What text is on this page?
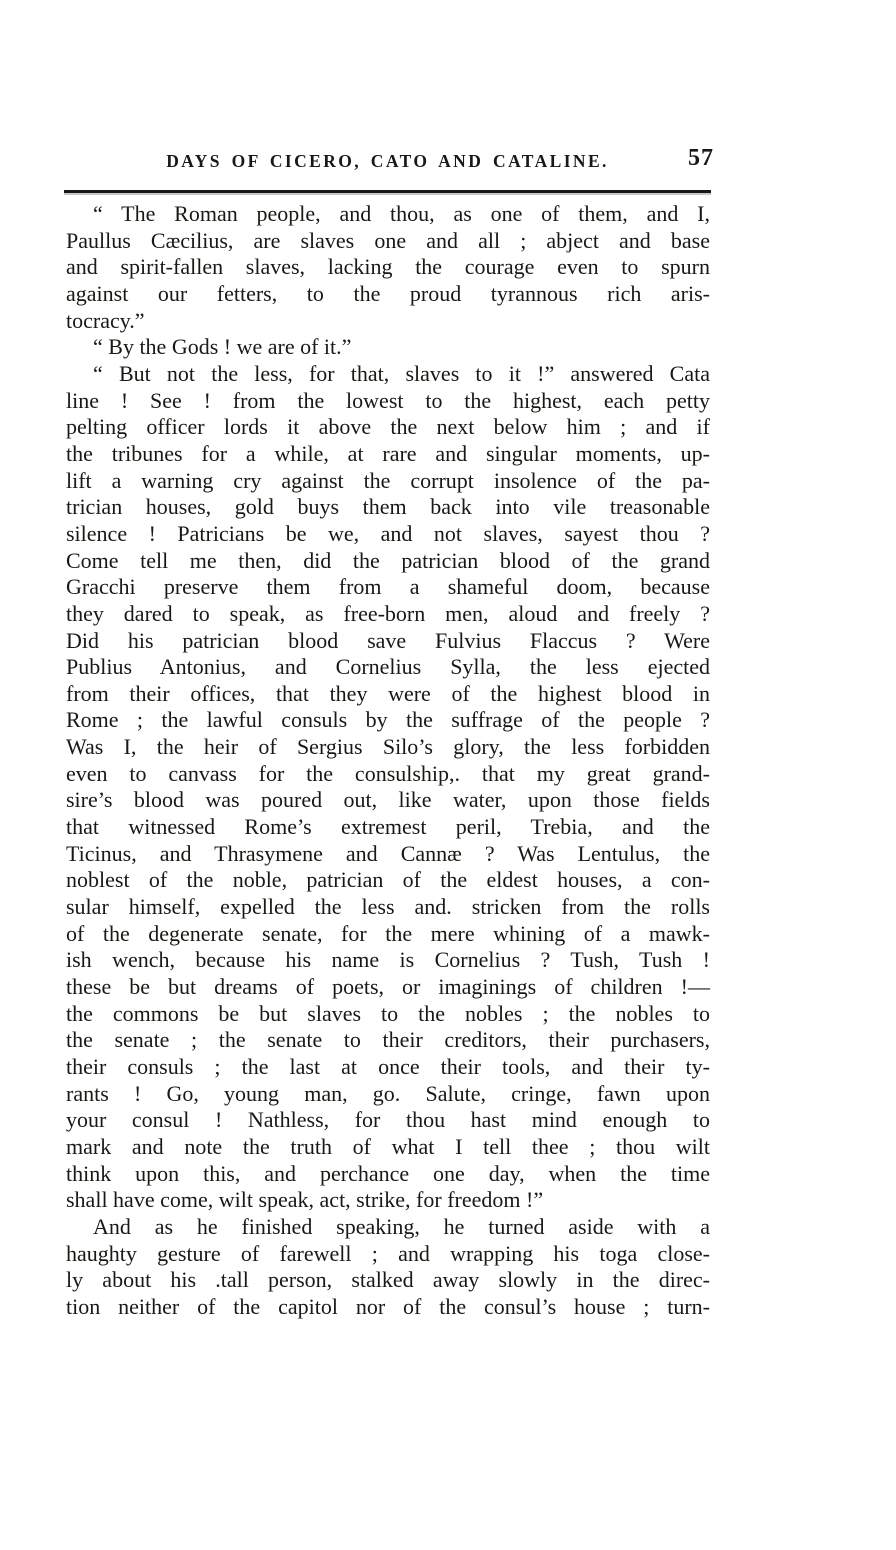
DAYS OF CICERO, CATO AND CATALINE.	57
“ The Roman people, and thou, as one of them, and I,
Paullus Cæcilius, are slaves one and all ; abject and base
and spirit-fallen slaves, lacking the courage even to spurn
against our fetters, to the proud tyrannous rich aris-
tocracy.”
“ By the Gods ! we are of it.”
“ But not the less, for that, slaves to it !” answered Cata
line ! See ! from the lowest to the highest, each petty
pelting officer lords it above the next below him ; and if
the tribunes for a while, at rare and singular moments, up-
lift a warning cry against the corrupt insolence of the pa-
trician houses, gold buys them back into vile treasonable
silence ! Patricians be we, and not slaves, sayest thou ?
Come tell me then, did the patrician blood of the grand
Gracchi preserve them from a shameful doom, because
they dared to speak, as free-born men, aloud and freely ?
Did his patrician blood save Fulvius Flaccus ? Were
Publius Antonius, and Cornelius Sylla, the less ejected
from their offices, that they were of the highest blood in
Rome ; the lawful consuls by the suffrage of the people ?
Was I, the heir of Sergius Silo’s glory, the less forbidden
even to canvass for the consulship,. that my great grand-
sire’s blood was poured out, like water, upon those fields
that witnessed Rome’s extremest peril, Trebia, and the
Ticinus, and Thrasymene and Cannæ ? Was Lentulus, the
noblest of the noble, patrician of the eldest houses, a con-
sular himself, expelled the less and. stricken from the rolls
of the degenerate senate, for the mere whining of a mawk-
ish wench, because his name is Cornelius ? Tush, Tush !
these be but dreams of poets, or imaginings of children !—
the commons be but slaves to the nobles ; the nobles to
the senate ; the senate to their creditors, their purchasers,
their consuls ; the last at once their tools, and their ty-
rants ! Go, young man, go. Salute, cringe, fawn upon
your consul ! Nathless, for thou hast mind enough to
mark and note the truth of what I tell thee ; thou wilt
think upon this, and perchance one day, when the time
shall have come, wilt speak, act, strike, for freedom !”
And as he finished speaking, he turned aside with a
haughty gesture of farewell ; and wrapping his toga close-
ly about his .tall person, stalked away slowly in the direc-
tion neither of the capitol nor of the consul’s house ; turn-
